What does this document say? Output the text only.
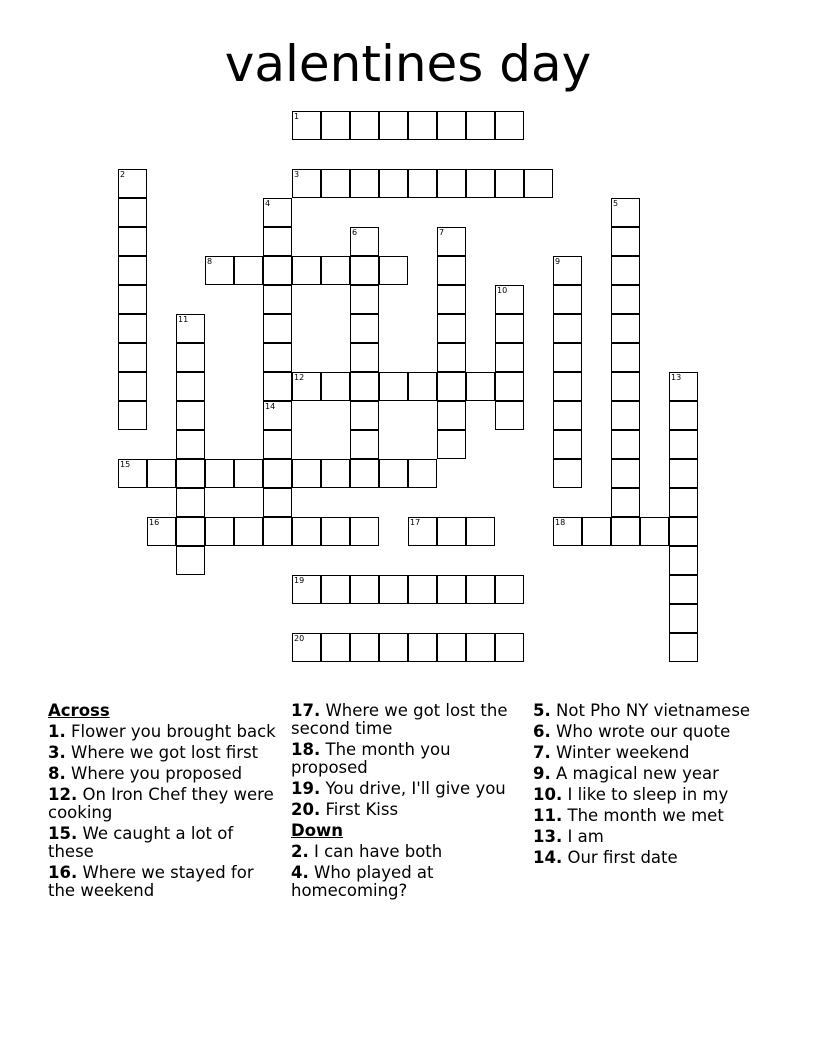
valentines day
1
2	3
4	5
6	7
8	9
10
11
12	13
14
15
16	17	18
19
20
Across
1. Flower you brought back
3. Where we got lost first
8. Where you proposed
12. On Iron Chef they were cooking
15. We caught a lot of these
16. Where we stayed for the weekend
17. Where we got lost the second time
18. The month you proposed
19. You drive, I'll give you
20. First Kiss
Down
2. I can have both
4. Who played at homecoming?
5. Not Pho NY vietnamese
6. Who wrote our quote
7. Winter weekend
9. A magical new year
10. I like to sleep in my
11. The month we met
13. I am
14. Our first date
